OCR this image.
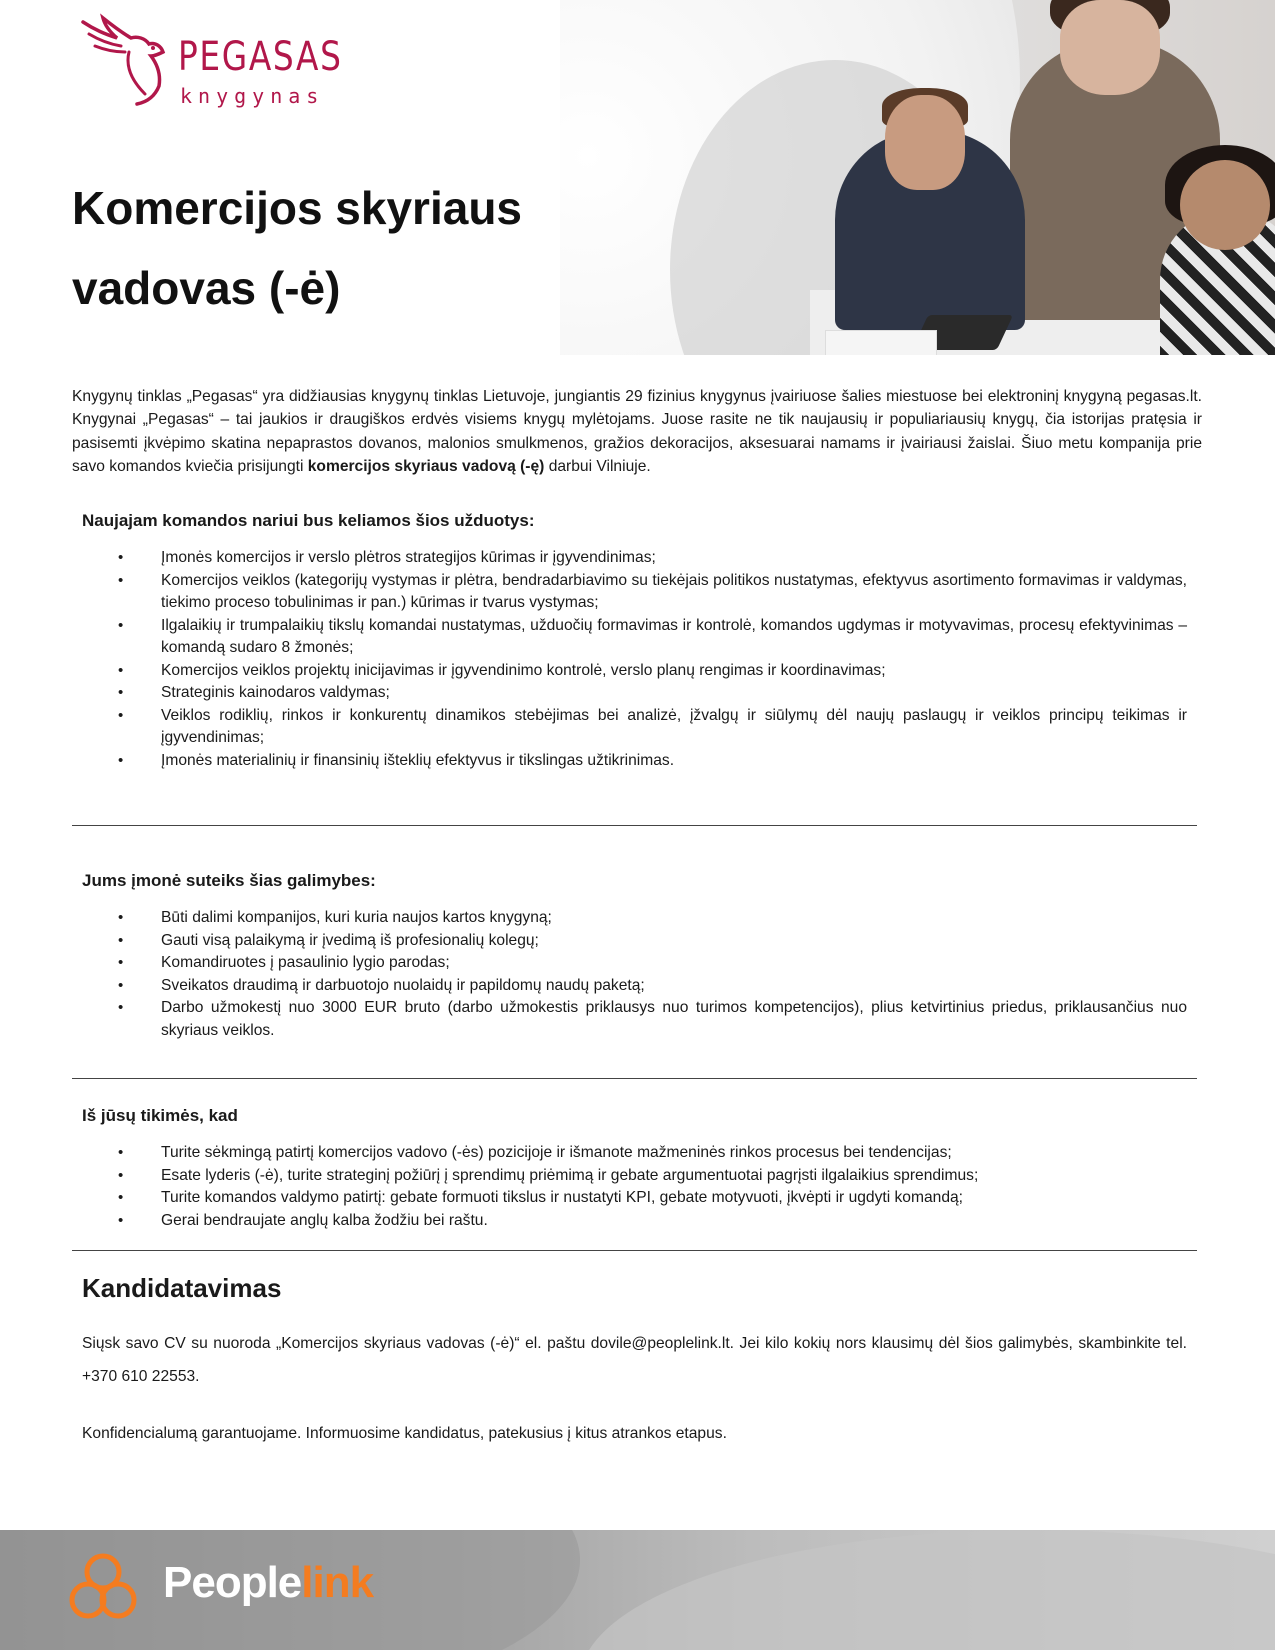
PEGASAS
knygynas
Komercijos skyriaus
vadovas (-ė)

Knygynų tinklas „Pegasas“ yra didžiausias knygynų tinklas Lietuvoje, jungiantis 29 fizinius knygynus įvairiuose šalies miestuose bei elektroninį knygyną pegasas.lt. Knygynai „Pegasas“ – tai jaukios ir draugiškos erdvės visiems knygų mylėtojams. Juose rasite ne tik naujausių ir populiariausių knygų, čia istorijas pratęsia ir pasisemti įkvėpimo skatina nepaprastos dovanos, malonios smulkmenos, gražios dekoracijos, aksesuarai namams ir įvairiausi žaislai. Šiuo metu kompanija prie savo komandos kviečia prisijungti komercijos skyriaus vadovą (-ę) darbui Vilniuje.

Naujajam komandos nariui bus keliamos šios užduotys:
• Įmonės komercijos ir verslo plėtros strategijos kūrimas ir įgyvendinimas;
• Komercijos veiklos (kategorijų vystymas ir plėtra, bendradarbiavimo su tiekėjais politikos nustatymas, efektyvus asortimento formavimas ir valdymas, tiekimo proceso tobulinimas ir pan.) kūrimas ir tvarus vystymas;
• Ilgalaikių ir trumpalaikių tikslų komandai nustatymas, užduočių formavimas ir kontrolė, komandos ugdymas ir motyvavimas, procesų efektyvinimas – komandą sudaro 8 žmonės;
• Komercijos veiklos projektų inicijavimas ir įgyvendinimo kontrolė, verslo planų rengimas ir koordinavimas;
• Strateginis kainodaros valdymas;
• Veiklos rodiklių, rinkos ir konkurentų dinamikos stebėjimas bei analizė, įžvalgų ir siūlymų dėl naujų paslaugų ir veiklos principų teikimas ir įgyvendinimas;
• Įmonės materialinių ir finansinių išteklių efektyvus ir tikslingas užtikrinimas.
Jums įmonė suteiks šias galimybes:
• Būti dalimi kompanijos, kuri kuria naujos kartos knygyną;
• Gauti visą palaikymą ir įvedimą iš profesionalių kolegų;
• Komandiruotes į pasaulinio lygio parodas;
• Sveikatos draudimą ir darbuotojo nuolaidų ir papildomų naudų paketą;
• Darbo užmokestį nuo 3000 EUR bruto (darbo užmokestis priklausys nuo turimos kompetencijos), plius ketvirtinius priedus, priklausančius nuo skyriaus veiklos.
Iš jūsų tikimės, kad
• Turite sėkmingą patirtį komercijos vadovo (-ės) pozicijoje ir išmanote mažmeninės rinkos procesus bei tendencijas;
• Esate lyderis (-ė), turite strateginį požiūrį į sprendimų priėmimą ir gebate argumentuotai pagrįsti ilgalaikius sprendimus;
• Turite komandos valdymo patirtį: gebate formuoti tikslus ir nustatyti KPI, gebate motyvuoti, įkvėpti ir ugdyti komandą;
• Gerai bendraujate anglų kalba žodžiu bei raštu.
Kandidatavimas

Siųsk savo CV su nuoroda „Komercijos skyriaus vadovas (-ė)“ el. paštu dovile@peoplelink.lt. Jei kilo kokių nors klausimų dėl šios galimybės, skambinkite tel. +370 610 22553.

Konfidencialumą garantuojame. Informuosime kandidatus, patekusius į kitus atrankos etapus.

Peoplelink
